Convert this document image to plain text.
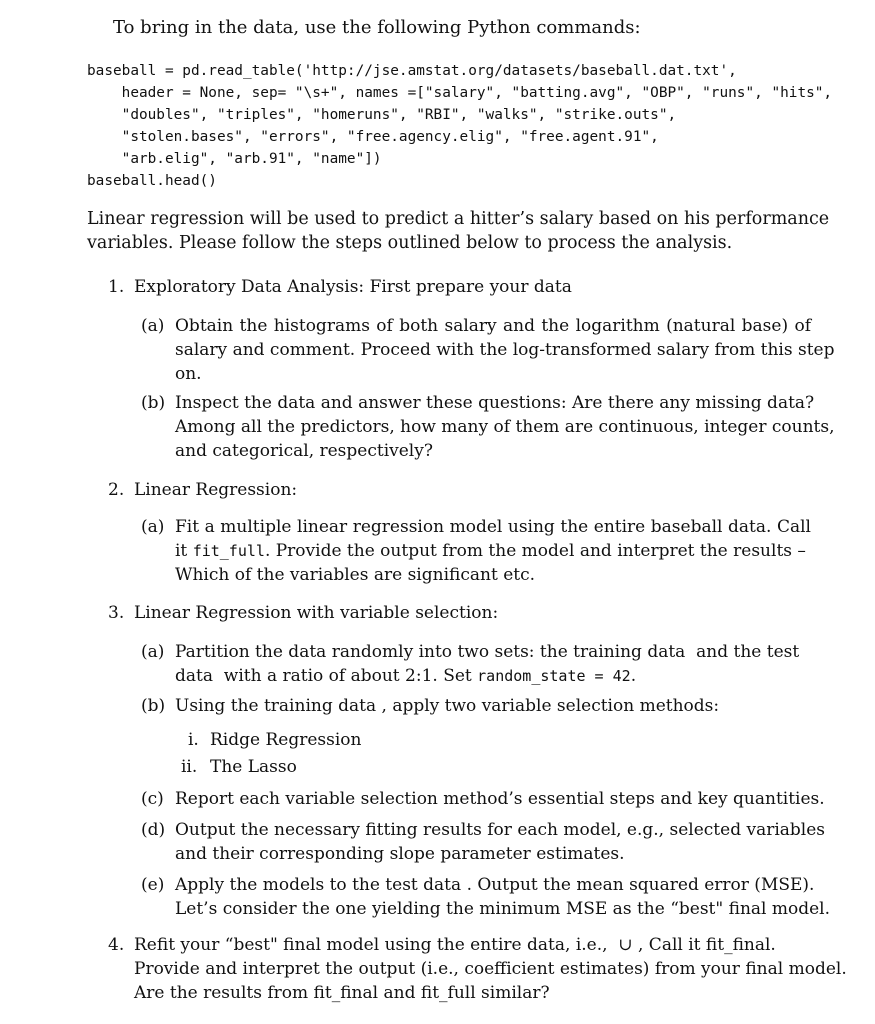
To bring in the data, use the following Python commands:
baseball = pd.read_table('http://jse.amstat.org/datasets/baseball.dat.txt',
header = None, sep= "\s+", names =["salary", "batting.avg", "OBP", "runs", "hits",
"doubles", "triples", "homeruns", "RBI", "walks", "strike.outs",
"stolen.bases", "errors", "free.agency.elig", "free.agent.91",
"arb.elig", "arb.91", "name"])
baseball.head()
Linear regression will be used to predict a hitter’s salary based on his performance
variables. Please follow the steps outlined below to process the analysis.
1. Exploratory Data Analysis: First prepare your data
(a) Obtain the histograms of both salary and the logarithm (natural base) of
salary and comment. Proceed with the log-transformed salary from this step
on.
(b) Inspect the data and answer these questions: Are there any missing data?
Among all the predictors, how many of them are continuous, integer counts,
and categorical, respectively?
2. Linear Regression:
(a) Fit a multiple linear regression model using the entire baseball data. Call
it fit_full. Provide the output from the model and interpret the results –
Which of the variables are significant etc.
3. Linear Regression with variable selection:
(a) Partition the data randomly into two sets: the training data and the test
data with a ratio of about 2:1. Set random_state = 42.
(b) Using the training data , apply two variable selection methods:
i. Ridge Regression
ii. The Lasso
(c) Report each variable selection method’s essential steps and key quantities.
(d) Output the necessary fitting results for each model, e.g., selected variables
and their corresponding slope parameter estimates.
(e) Apply the models to the test data . Output the mean squared error (MSE).
Let’s consider the one yielding the minimum MSE as the “best" final model.
4. Refit your “best" final model using the entire data, i.e., ∪ , Call it fit_final.
Provide and interpret the output (i.e., coefficient estimates) from your final model.
Are the results from fit_final and fit_full similar?
